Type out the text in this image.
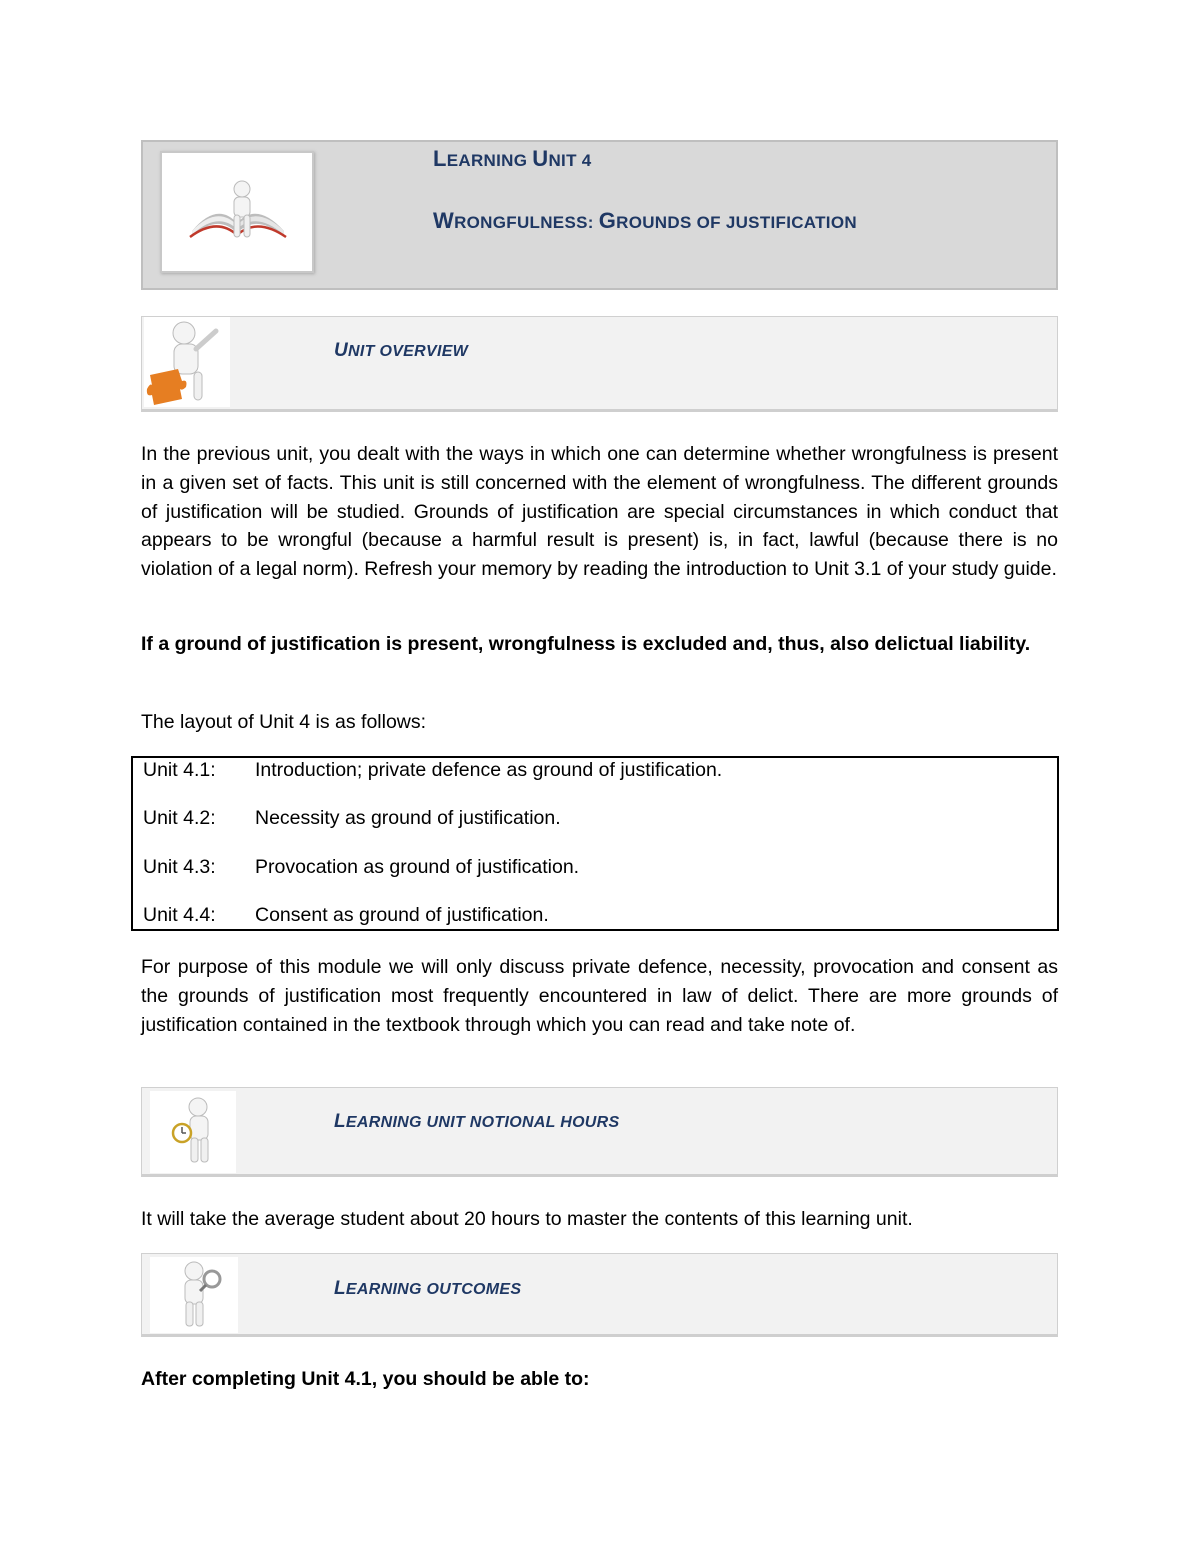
LEARNING UNIT 4
WRONGFULNESS: GROUNDS OF JUSTIFICATION
UNIT OVERVIEW
In the previous unit, you dealt with the ways in which one can determine whether wrongfulness is present in a given set of facts. This unit is still concerned with the element of wrongfulness. The different grounds of justification will be studied. Grounds of justification are special circumstances in which conduct that appears to be wrongful (because a harmful result is present) is, in fact, lawful (because there is no violation of a legal norm). Refresh your memory by reading the introduction to Unit 3.1 of your study guide.
If a ground of justification is present, wrongfulness is excluded and, thus, also delictual liability.
The layout of Unit 4 is as follows:
Unit 4.1: Introduction; private defence as ground of justification.
Unit 4.2: Necessity as ground of justification.
Unit 4.3: Provocation as ground of justification.
Unit 4.4: Consent as ground of justification.
For purpose of this module we will only discuss private defence, necessity, provocation and consent as the grounds of justification most frequently encountered in law of delict. There are more grounds of justification contained in the textbook through which you can read and take note of.
LEARNING UNIT NOTIONAL HOURS
It will take the average student about 20 hours to master the contents of this learning unit.
LEARNING OUTCOMES
After completing Unit 4.1, you should be able to:
